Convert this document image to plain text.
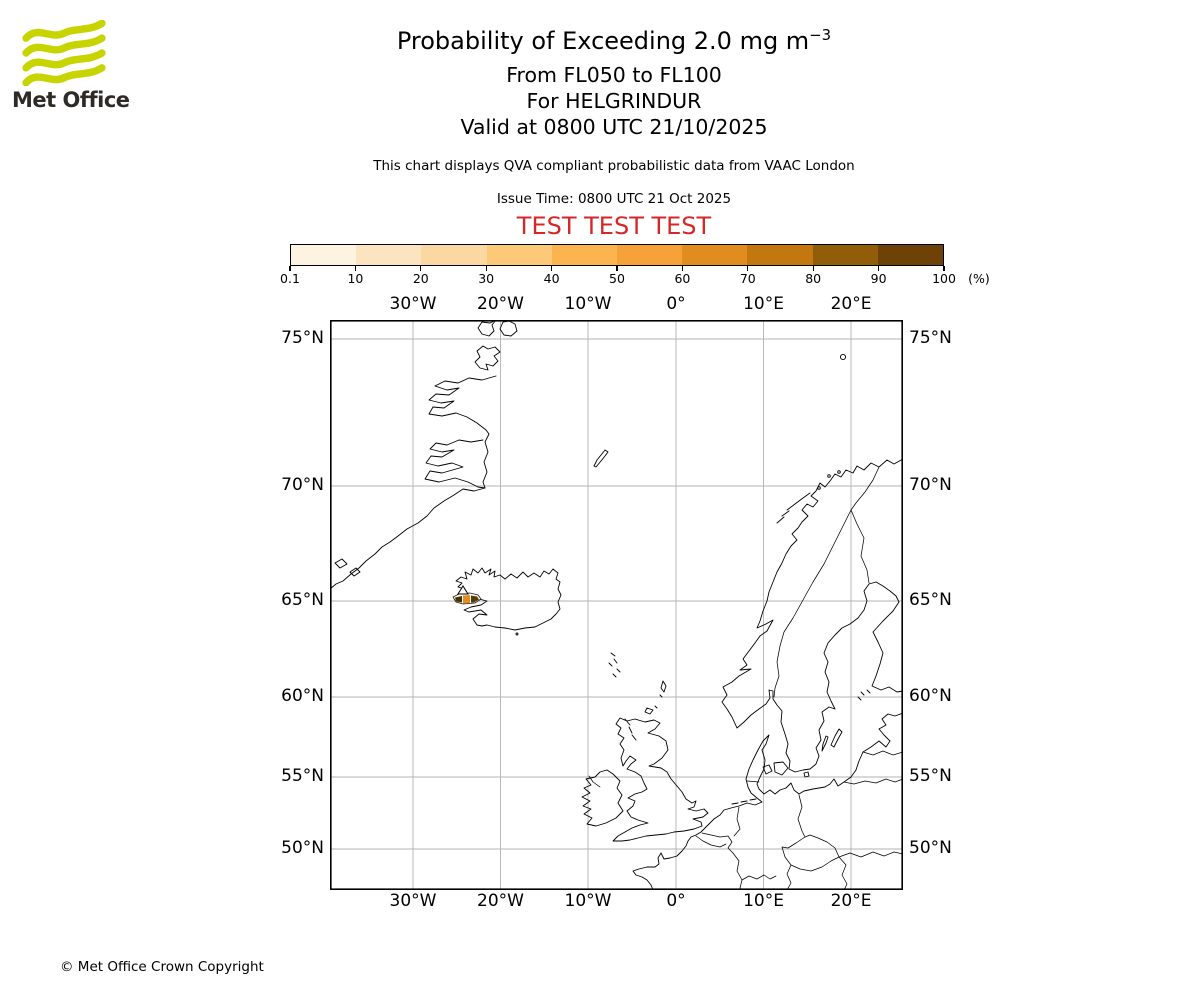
Met Office
Probability of Exceeding 2.0 mg $m^{-3}$
From FL050 to FL100
For HELGRINDUR
Valid at 0800 UTC 21/10/2025
This chart displays QVA compliant probabilistic data from VAAC London
Issue Time: 0800 UTC 21 Oct 2025
TEST TEST TEST
0.1	10	20	30	40	50	60	70	80	90	100 (%)
30°W
30°W
20°W
20°W
10°W
10°W
0°
0°
10°E
10°E
20°E
20°E
75°N	75°N
70°N	70°N
65°N	65°N
60°N	60°N
55°N	55°N
50°N	50°N
© Met Office Crown Copyright
